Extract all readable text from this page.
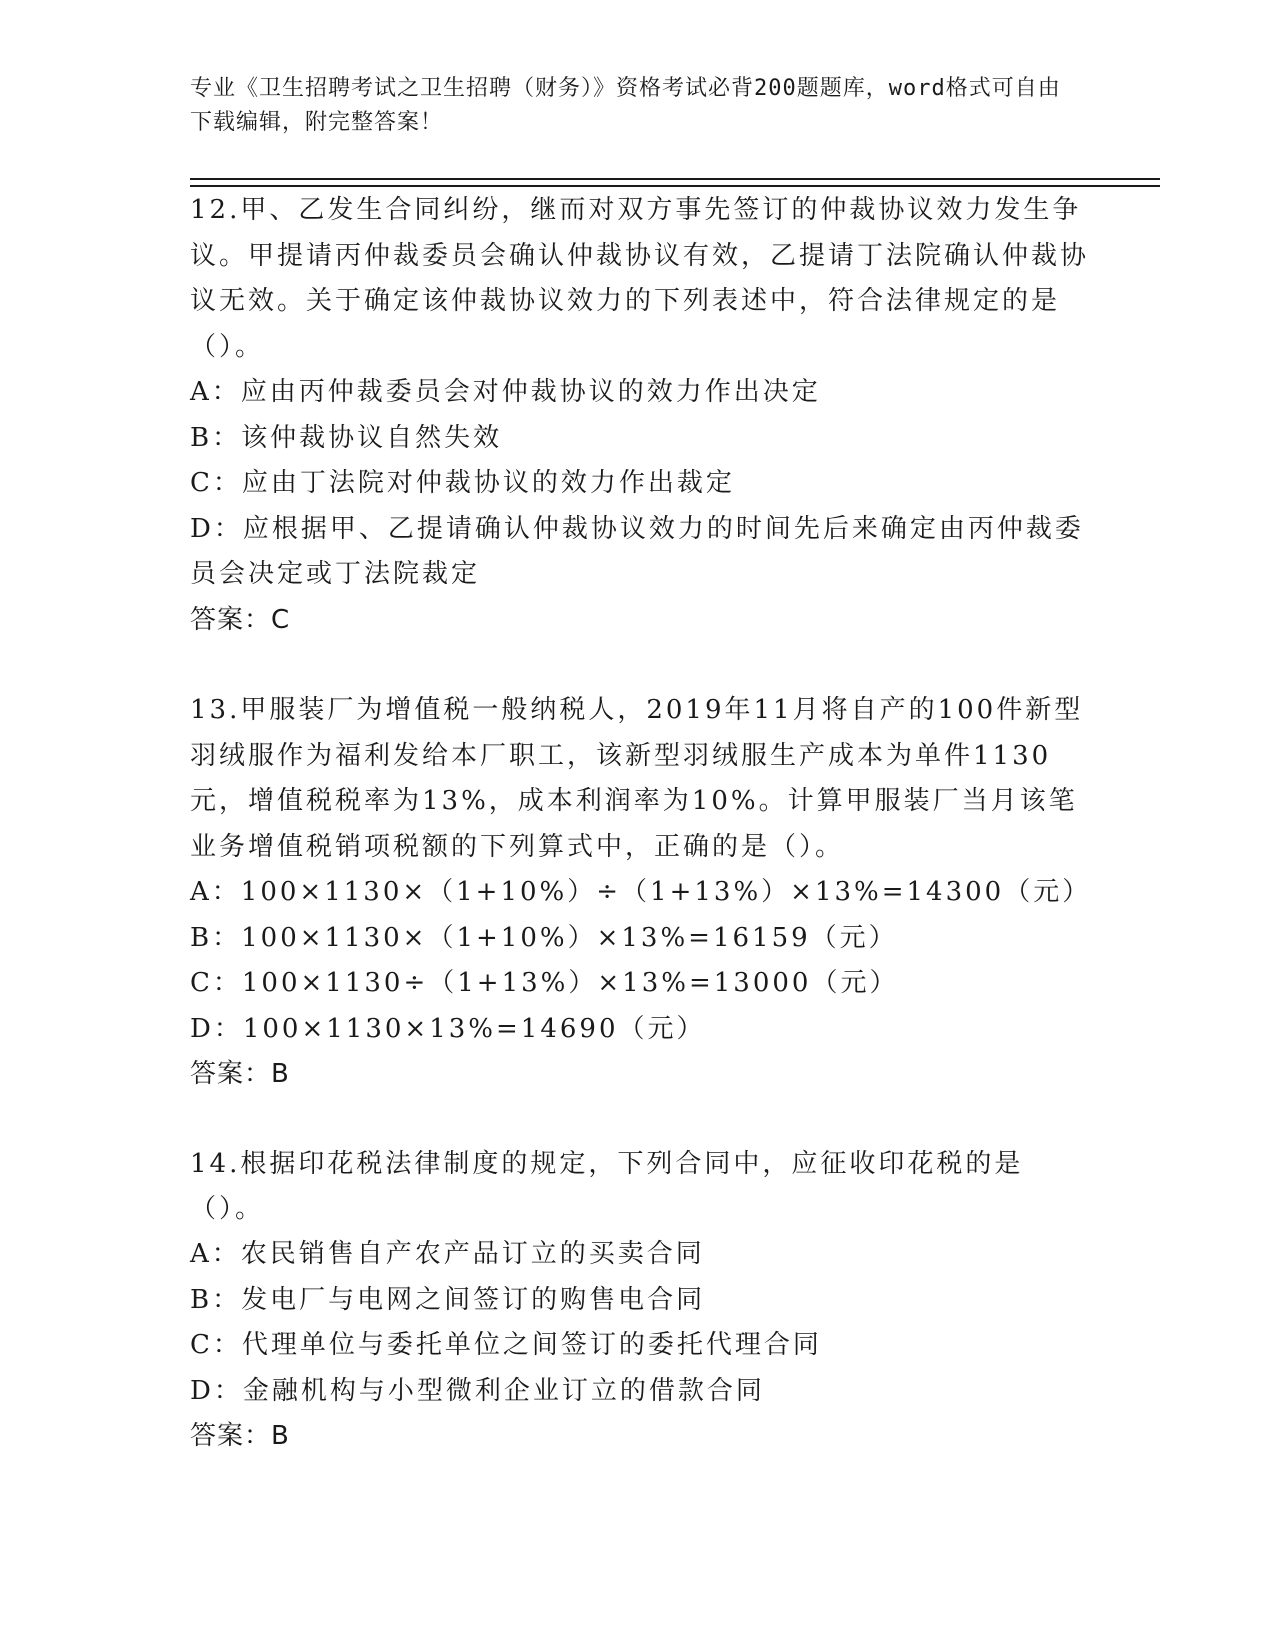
专业《卫生招聘考试之卫生招聘（财务）》资格考试必背200题题库，word格式可自由下载编辑，附完整答案！

12.甲、乙发生合同纠纷，继而对双方事先签订的仲裁协议效力发生争议。甲提请丙仲裁委员会确认仲裁协议有效，乙提请丁法院确认仲裁协议无效。关于确定该仲裁协议效力的下列表述中，符合法律规定的是（）。

A：应由丙仲裁委员会对仲裁协议的效力作出决定

B：该仲裁协议自然失效

C：应由丁法院对仲裁协议的效力作出裁定

D：应根据甲、乙提请确认仲裁协议效力的时间先后来确定由丙仲裁委员会决定或丁法院裁定

答案：C

13.甲服装厂为增值税一般纳税人，2019年11月将自产的100件新型羽绒服作为福利发给本厂职工，该新型羽绒服生产成本为单件1130元，增值税税率为13%，成本利润率为10%。计算甲服装厂当月该笔业务增值税销项税额的下列算式中，正确的是（）。

A：100×1130×（1+10%）÷（1+13%）×13%=14300（元）

B：100×1130×（1+10%）×13%=16159（元）

C：100×1130÷（1+13%）×13%=13000（元）

D：100×1130×13%=14690（元）

答案：B

14.根据印花税法律制度的规定，下列合同中，应征收印花税的是（）。

A：农民销售自产农产品订立的买卖合同

B：发电厂与电网之间签订的购售电合同

C：代理单位与委托单位之间签订的委托代理合同

D：金融机构与小型微利企业订立的借款合同

答案：B
